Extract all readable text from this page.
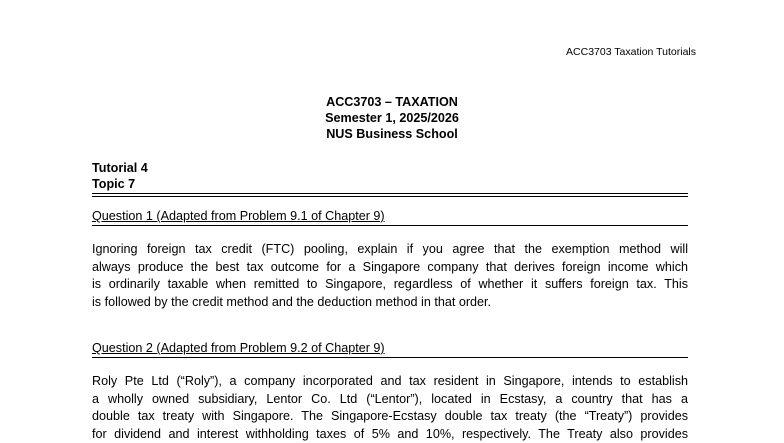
ACC3703 Taxation Tutorials
ACC3703 – TAXATION
Semester 1, 2025/2026
NUS Business School
Tutorial 4
Topic 7
Question 1 (Adapted from Problem 9.1 of Chapter 9)
Ignoring foreign tax credit (FTC) pooling, explain if you agree that the exemption method will
always produce the best tax outcome for a Singapore company that derives foreign income which
is ordinarily taxable when remitted to Singapore, regardless of whether it suffers foreign tax. This
is followed by the credit method and the deduction method in that order.
Question 2 (Adapted from Problem 9.2 of Chapter 9)
Roly Pte Ltd (“Roly”), a company incorporated and tax resident in Singapore, intends to establish
a wholly owned subsidiary, Lentor Co. Ltd (“Lentor”), located in Ecstasy, a country that has a
double tax treaty with Singapore. The Singapore-Ecstasy double tax treaty (the “Treaty”) provides
for dividend and interest withholding taxes of 5% and 10%, respectively. The Treaty also provides
